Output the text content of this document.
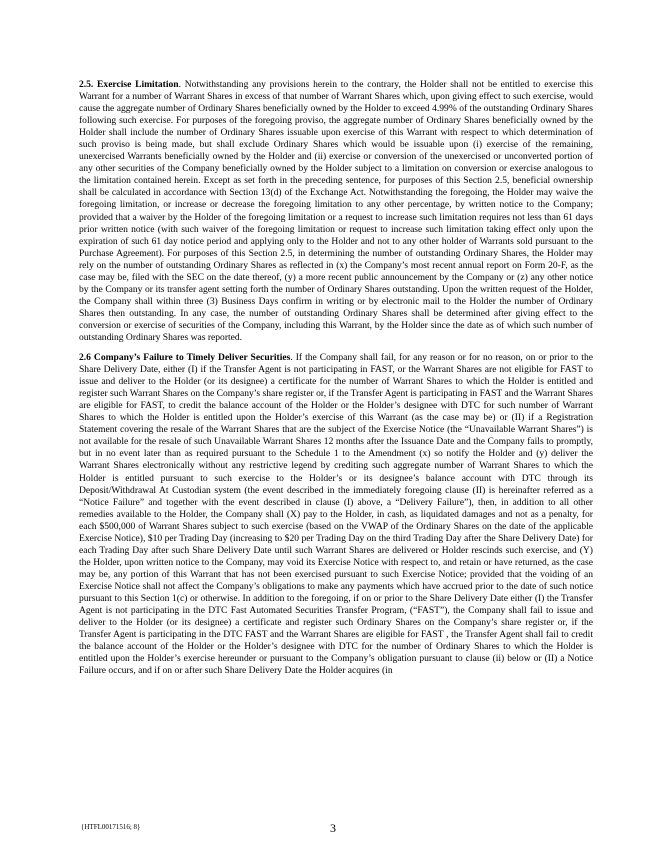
2.5. Exercise Limitation. Notwithstanding any provisions herein to the contrary, the Holder shall not be entitled to exercise this Warrant for a number of Warrant Shares in excess of that number of Warrant Shares which, upon giving effect to such exercise, would cause the aggregate number of Ordinary Shares beneficially owned by the Holder to exceed 4.99% of the outstanding Ordinary Shares following such exercise. For purposes of the foregoing proviso, the aggregate number of Ordinary Shares beneficially owned by the Holder shall include the number of Ordinary Shares issuable upon exercise of this Warrant with respect to which determination of such proviso is being made, but shall exclude Ordinary Shares which would be issuable upon (i) exercise of the remaining, unexercised Warrants beneficially owned by the Holder and (ii) exercise or conversion of the unexercised or unconverted portion of any other securities of the Company beneficially owned by the Holder subject to a limitation on conversion or exercise analogous to the limitation contained herein. Except as set forth in the preceding sentence, for purposes of this Section 2.5, beneficial ownership shall be calculated in accordance with Section 13(d) of the Exchange Act. Notwithstanding the foregoing, the Holder may waive the foregoing limitation, or increase or decrease the foregoing limitation to any other percentage, by written notice to the Company; provided that a waiver by the Holder of the foregoing limitation or a request to increase such limitation requires not less than 61 days prior written notice (with such waiver of the foregoing limitation or request to increase such limitation taking effect only upon the expiration of such 61 day notice period and applying only to the Holder and not to any other holder of Warrants sold pursuant to the Purchase Agreement). For purposes of this Section 2.5, in determining the number of outstanding Ordinary Shares, the Holder may rely on the number of outstanding Ordinary Shares as reflected in (x) the Company’s most recent annual report on Form 20-F, as the case may be, filed with the SEC on the date thereof, (y) a more recent public announcement by the Company or (z) any other notice by the Company or its transfer agent setting forth the number of Ordinary Shares outstanding. Upon the written request of the Holder, the Company shall within three (3) Business Days confirm in writing or by electronic mail to the Holder the number of Ordinary Shares then outstanding. In any case, the number of outstanding Ordinary Shares shall be determined after giving effect to the conversion or exercise of securities of the Company, including this Warrant, by the Holder since the date as of which such number of outstanding Ordinary Shares was reported.

2.6 Company’s Failure to Timely Deliver Securities. If the Company shall fail, for any reason or for no reason, on or prior to the Share Delivery Date, either (I) if the Transfer Agent is not participating in FAST, or the Warrant Shares are not eligible for FAST to issue and deliver to the Holder (or its designee) a certificate for the number of Warrant Shares to which the Holder is entitled and register such Warrant Shares on the Company’s share register or, if the Transfer Agent is participating in FAST and the Warrant Shares are eligible for FAST, to credit the balance account of the Holder or the Holder’s designee with DTC for such number of Warrant Shares to which the Holder is entitled upon the Holder’s exercise of this Warrant (as the case may be) or (II) if a Registration Statement covering the resale of the Warrant Shares that are the subject of the Exercise Notice (the “Unavailable Warrant Shares”) is not available for the resale of such Unavailable Warrant Shares 12 months after the Issuance Date and the Company fails to promptly, but in no event later than as required pursuant to the Schedule 1 to the Amendment (x) so notify the Holder and (y) deliver the Warrant Shares electronically without any restrictive legend by crediting such aggregate number of Warrant Shares to which the Holder is entitled pursuant to such exercise to the Holder’s or its designee’s balance account with DTC through its Deposit/Withdrawal At Custodian system (the event described in the immediately foregoing clause (II) is hereinafter referred as a “Notice Failure” and together with the event described in clause (I) above, a “Delivery Failure”), then, in addition to all other remedies available to the Holder, the Company shall (X) pay to the Holder, in cash, as liquidated damages and not as a penalty, for each $500,000 of Warrant Shares subject to such exercise (based on the VWAP of the Ordinary Shares on the date of the applicable Exercise Notice), $10 per Trading Day (increasing to $20 per Trading Day on the third Trading Day after the Share Delivery Date) for each Trading Day after such Share Delivery Date until such Warrant Shares are delivered or Holder rescinds such exercise, and (Y) the Holder, upon written notice to the Company, may void its Exercise Notice with respect to, and retain or have returned, as the case may be, any portion of this Warrant that has not been exercised pursuant to such Exercise Notice; provided that the voiding of an Exercise Notice shall not affect the Company’s obligations to make any payments which have accrued prior to the date of such notice pursuant to this Section 1(c) or otherwise. In addition to the foregoing, if on or prior to the Share Delivery Date either (I) the Transfer Agent is not participating in the DTC Fast Automated Securities Transfer Program, (“FAST”), the Company shall fail to issue and deliver to the Holder (or its designee) a certificate and register such Ordinary Shares on the Company’s share register or, if the Transfer Agent is participating in the DTC FAST and the Warrant Shares are eligible for FAST , the Transfer Agent shall fail to credit the balance account of the Holder or the Holder’s designee with DTC for the number of Ordinary Shares to which the Holder is entitled upon the Holder’s exercise hereunder or pursuant to the Company’s obligation pursuant to clause (ii) below or (II) a Notice Failure occurs, and if on or after such Share Delivery Date the Holder acquires (in

{HTFL00171516; 8}	3
